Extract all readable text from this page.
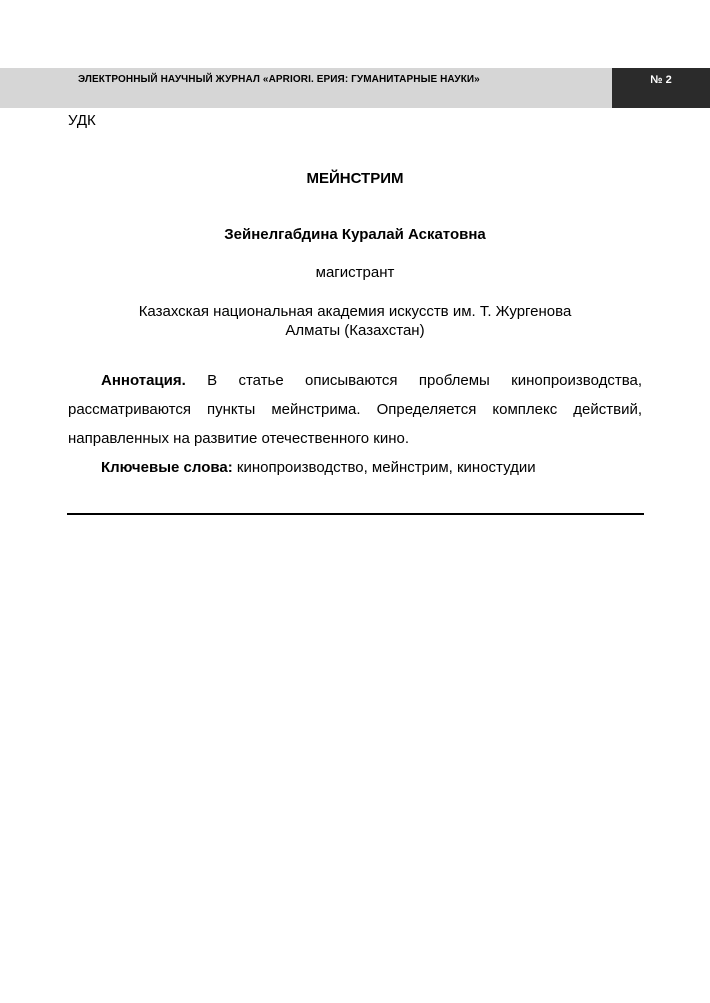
ЭЛЕКТРОННЫЙ НАУЧНЫЙ ЖУРНАЛ «APRIORI. ЕРИЯ: ГУМАНИТАРНЫЕ НАУКИ»	№ 2
УДК
МЕЙНСТРИМ
Зейнелгабдина Куралай Аскатовна
магистрант
Казахская национальная академия искусств им. Т. Жургенова
Алматы (Казахстан)

Аннотация. В статье описываются проблемы кинопроизводства, рассматриваются пункты мейнстрима. Определяется комплекс действий, направленных на развитие отечественного кино.

Ключевые слова: кинопроизводство, мейнстрим, киностудии
